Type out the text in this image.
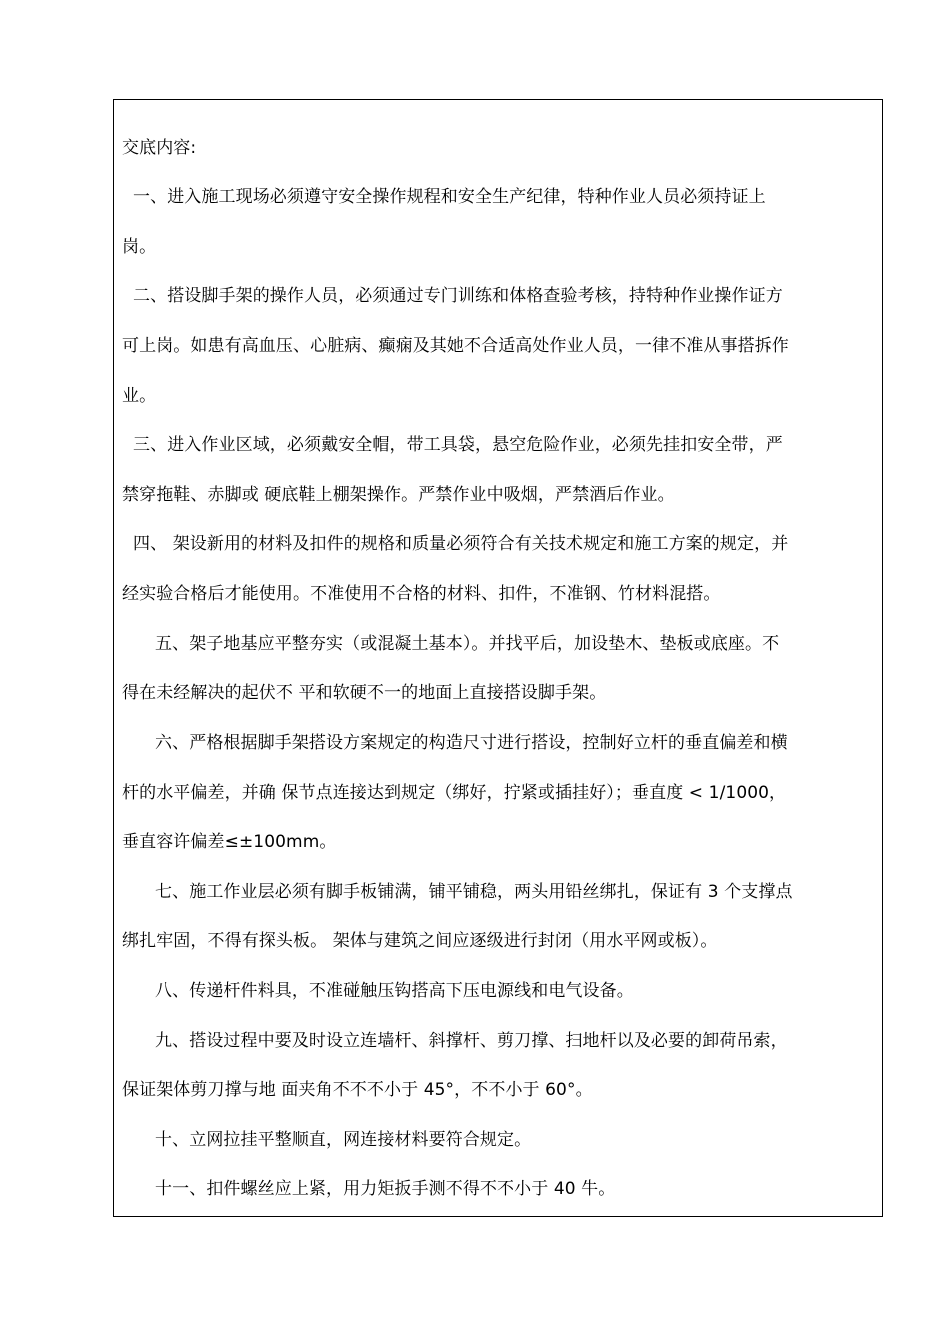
交底内容:
一、进入施工现场必须遵守安全操作规程和安全生产纪律，特种作业人员必须持证上
岗。
二、搭设脚手架的操作人员，必须通过专门训练和体格查验考核，持特种作业操作证方
可上岗。如患有高血压、心脏病、癫痫及其她不合适高处作业人员，一律不准从事搭拆作
业。
三、进入作业区域，必须戴安全帽，带工具袋，悬空危险作业，必须先挂扣安全带，严
禁穿拖鞋、赤脚或 硬底鞋上棚架操作。严禁作业中吸烟，严禁酒后作业。
四、 架设新用的材料及扣件的规格和质量必须符合有关技术规定和施工方案的规定，并
经实验合格后才能使用。不准使用不合格的材料、扣件，不准钢、竹材料混搭。
五、架子地基应平整夯实（或混凝土基本）。并找平后，加设垫木、垫板或底座。不
得在未经解决的起伏不 平和软硬不一的地面上直接搭设脚手架。
六、严格根据脚手架搭设方案规定的构造尺寸进行搭设，控制好立杆的垂直偏差和横
杆的水平偏差，并确 保节点连接达到规定（绑好，拧紧或插挂好）；垂直度 < 1/1000，
垂直容许偏差≤±100mm。
七、施工作业层必须有脚手板铺满，铺平铺稳，两头用铅丝绑扎，保证有 3 个支撑点
绑扎牢固，不得有探头板。 架体与建筑之间应逐级进行封闭（用水平网或板）。
八、传递杆件料具，不准碰触压钩搭高下压电源线和电气设备。
九、搭设过程中要及时设立连墙杆、斜撑杆、剪刀撑、扫地杆以及必要的卸荷吊索，
保证架体剪刀撑与地 面夹角不不不小于 45°，不不小于 60°。
十、立网拉挂平整顺直，网连接材料要符合规定。
十一、扣件螺丝应上紧，用力矩扳手测不得不不小于 40 牛。
